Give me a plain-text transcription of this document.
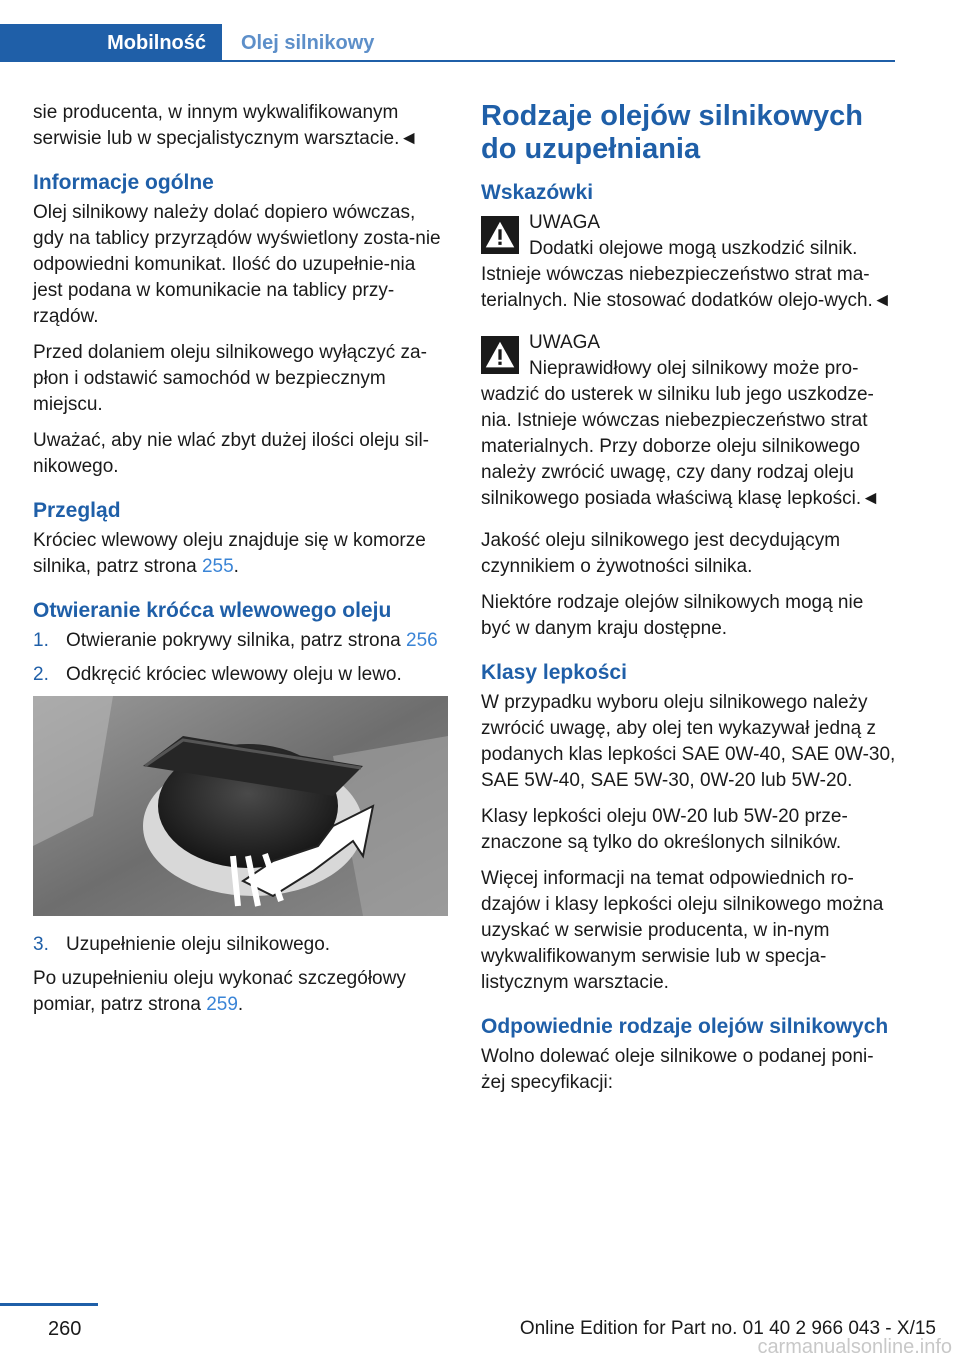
Mobilność Olej silnikowy

sie producenta, w innym wykwalifikowanym serwisie lub w specjalistycznym warsztacie.◄

Informacje ogólne

Olej silnikowy należy dolać dopiero wówczas, gdy na tablicy przyrządów wyświetlony zosta-nie odpowiedni komunikat. Ilość do uzupełnie-nia jest podana w komunikacie na tablicy przy-rządów.

Przed dolaniem oleju silnikowego wyłączyć za-płon i odstawić samochód w bezpiecznym miejscu.

Uważać, aby nie wlać zbyt dużej ilości oleju sil-nikowego.

Przegląd

Króciec wlewowy oleju znajduje się w komorze silnika, patrz strona 255.

Otwieranie króćca wlewowego oleju
1. Otwieranie pokrywy silnika, patrz strona 256
2. Odkręcić króciec wlewowy oleju w lewo.
3. Uzupełnienie oleju silnikowego.

Po uzupełnieniu oleju wykonać szczegółowy pomiar, patrz strona 259.

Rodzaje olejów silnikowych do uzupełniania
Wskazówki
UWAGA
Dodatki olejowe mogą uszkodzić silnik.
Istnieje wówczas niebezpieczeństwo strat ma-terialnych. Nie stosować dodatków olejo-wych.◄
UWAGA
Nieprawidłowy olej silnikowy może pro-
wadzić do usterek w silniku lub jego uszkodze-nia. Istnieje wówczas niebezpieczeństwo strat materialnych. Przy doborze oleju silnikowego należy zwrócić uwagę, czy dany rodzaj oleju silnikowego posiada właściwą klasę lepkości.◄

Jakość oleju silnikowego jest decydującym czynnikiem o żywotności silnika.

Niektóre rodzaje olejów silnikowych mogą nie być w danym kraju dostępne.

Klasy lepkości

W przypadku wyboru oleju silnikowego należy zwrócić uwagę, aby olej ten wykazywał jedną z podanych klas lepkości SAE 0W-40, SAE 0W-30, SAE 5W-40, SAE 5W-30, 0W-20 lub 5W-20.

Klasy lepkości oleju 0W-20 lub 5W-20 prze-znaczone są tylko do określonych silników.

Więcej informacji na temat odpowiednich ro-dzajów i klasy lepkości oleju silnikowego można uzyskać w serwisie producenta, w in-nym wykwalifikowanym serwisie lub w specja-listycznym warsztacie.

Odpowiednie rodzaje olejów silnikowych

Wolno dolewać oleje silnikowe o podanej poni-żej specyfikacji:

260	Online Edition for Part no. 01 40 2 966 043 - X/15
carmanualsonline.info
